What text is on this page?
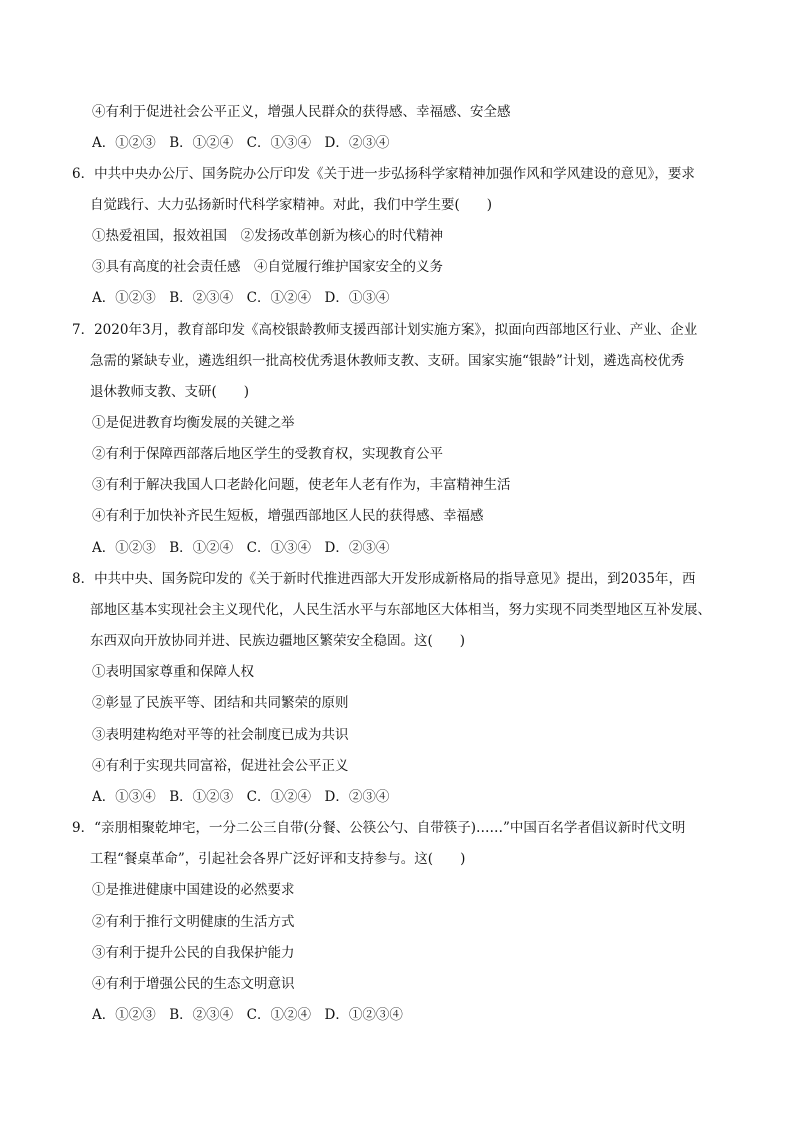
④有利于促进社会公平正义，增强人民群众的获得感、幸福感、安全感
A．①②③　B．①②④　C．①③④　D．②③④
6．中共中央办公厅、国务院办公厅印发《关于进一步弘扬科学家精神加强作风和学风建设的意见》，要求
自觉践行、大力弘扬新时代科学家精神。对此，我们中学生要(　　)
①热爱祖国，报效祖国　②发扬改革创新为核心的时代精神
③具有高度的社会责任感　④自觉履行维护国家安全的义务
A．①②③　B．②③④　C．①②④　D．①③④
7．2020年3月，教育部印发《高校银龄教师支援西部计划实施方案》，拟面向西部地区行业、产业、企业
急需的紧缺专业，遴选组织一批高校优秀退休教师支教、支研。国家实施“银龄”计划，遴选高校优秀
退休教师支教、支研(　　)
①是促进教育均衡发展的关键之举
②有利于保障西部落后地区学生的受教育权，实现教育公平
③有利于解决我国人口老龄化问题，使老年人老有作为，丰富精神生活
④有利于加快补齐民生短板，增强西部地区人民的获得感、幸福感
A．①②③　B．①②④　C．①③④　D．②③④
8．中共中央、国务院印发的《关于新时代推进西部大开发形成新格局的指导意见》提出，到2035年，西
部地区基本实现社会主义现代化，人民生活水平与东部地区大体相当，努力实现不同类型地区互补发展、
东西双向开放协同并进、民族边疆地区繁荣安全稳固。这(　　)
①表明国家尊重和保障人权
②彰显了民族平等、团结和共同繁荣的原则
③表明建构绝对平等的社会制度已成为共识
④有利于实现共同富裕，促进社会公平正义
A．①③④　B．①②③　C．①②④　D．②③④
9．“亲朋相聚乾坤宅，一分二公三自带(分餐、公筷公勺、自带筷子)……”中国百名学者倡议新时代文明
工程“餐桌革命”，引起社会各界广泛好评和支持参与。这(　　)
①是推进健康中国建设的必然要求
②有利于推行文明健康的生活方式
③有利于提升公民的自我保护能力
④有利于增强公民的生态文明意识
A．①②③　B．②③④　C．①②④　D．①②③④
